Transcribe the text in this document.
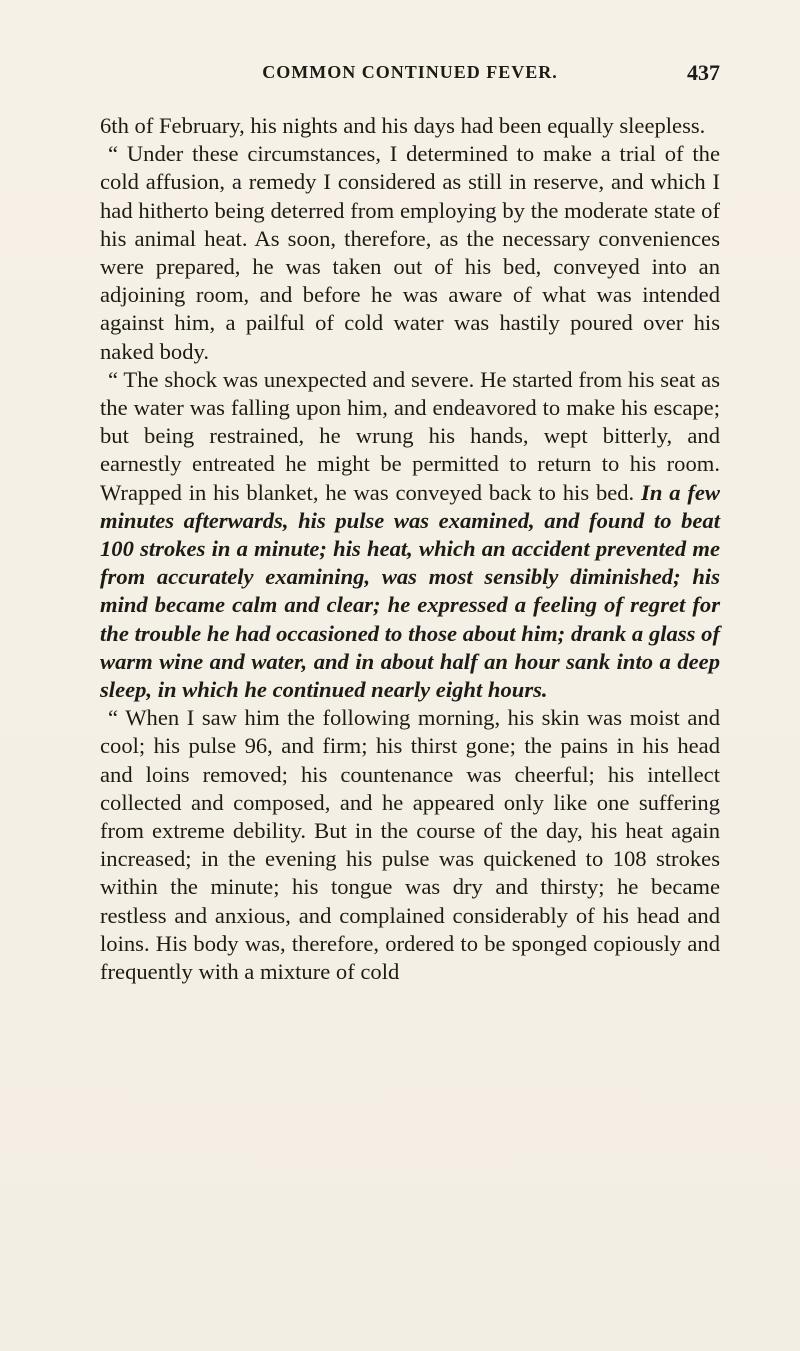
COMMON CONTINUED FEVER.	437

6th of February, his nights and his days had been equally sleepless.

“ Under these circumstances, I determined to make a trial of the cold affusion, a remedy I considered as still in reserve, and which I had hitherto being deterred from employing by the moderate state of his animal heat. As soon, therefore, as the necessary conveniences were prepared, he was taken out of his bed, conveyed into an adjoining room, and before he was aware of what was intended against him, a pailful of cold water was hastily poured over his naked body.

“ The shock was unexpected and severe. He started from his seat as the water was falling upon him, and endeavored to make his escape; but being restrained, he wrung his hands, wept bitterly, and earnestly entreated he might be permitted to return to his room. Wrapped in his blanket, he was conveyed back to his bed. In a few minutes afterwards, his pulse was examined, and found to beat 100 strokes in a minute; his heat, which an accident prevented me from accurately examining, was most sensibly diminished; his mind became calm and clear; he expressed a feeling of regret for the trouble he had occasioned to those about him; drank a glass of warm wine and water, and in about half an hour sank into a deep sleep, in which he continued nearly eight hours.

“ When I saw him the following morning, his skin was moist and cool; his pulse 96, and firm; his thirst gone; the pains in his head and loins removed; his countenance was cheerful; his intellect collected and composed, and he appeared only like one suffering from extreme debility. But in the course of the day, his heat again increased; in the evening his pulse was quickened to 108 strokes within the minute; his tongue was dry and thirsty; he became restless and anxious, and complained considerably of his head and loins. His body was, therefore, ordered to be sponged copiously and frequently with a mixture of cold
